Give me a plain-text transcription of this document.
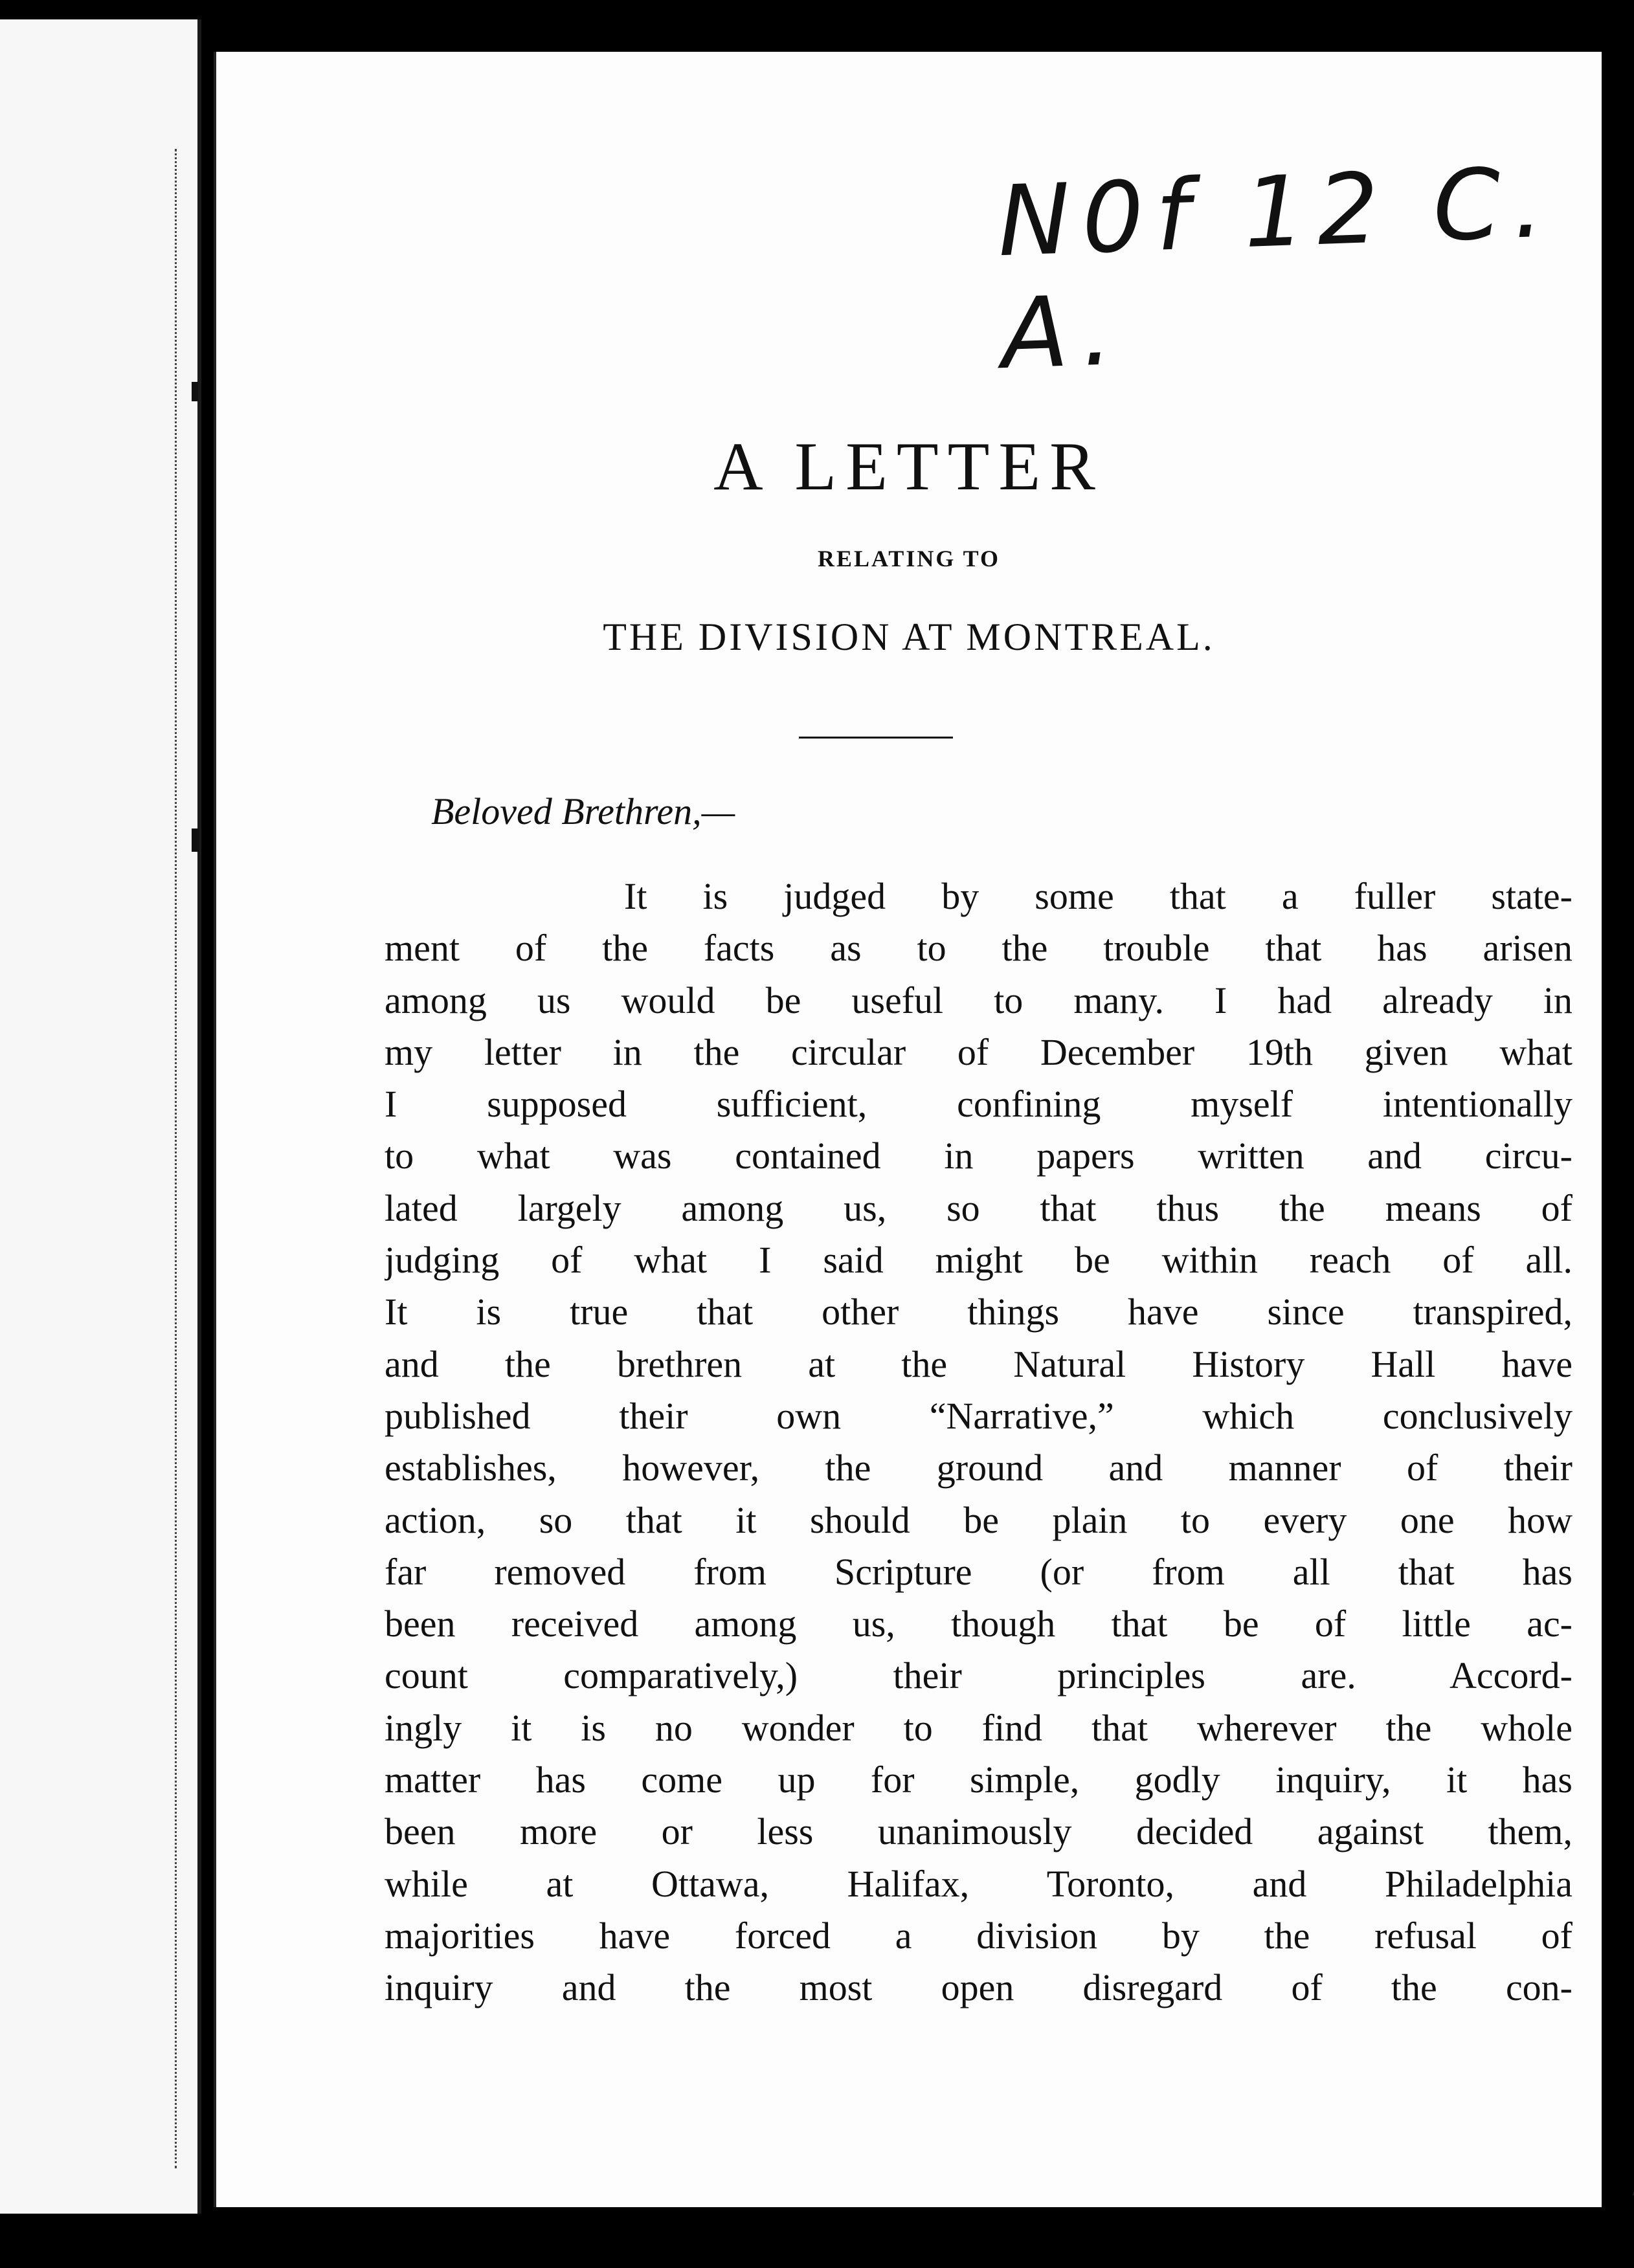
N0f 12 C. A.
A LETTER
RELATING TO
THE DIVISION AT MONTREAL.
Beloved Brethren,—
It is judged by some that a fuller state-
ment of the facts as to the trouble that has arisen
among us would be useful to many. I had already in
my letter in the circular of December 19th given what
I supposed sufficient, confining myself intentionally
to what was contained in papers written and circu-
lated largely among us, so that thus the means of
judging of what I said might be within reach of all.
It is true that other things have since transpired,
and the brethren at the Natural History Hall have
published their own “Narrative,” which conclusively
establishes, however, the ground and manner of their
action, so that it should be plain to every one how
far removed from Scripture (or from all that has
been received among us, though that be of little ac-
count comparatively,) their principles are. Accord-
ingly it is no wonder to find that wherever the whole
matter has come up for simple, godly inquiry, it has
been more or less unanimously decided against them,
while at Ottawa, Halifax, Toronto, and Philadelphia
majorities have forced a division by the refusal of
inquiry and the most open disregard of the con-
